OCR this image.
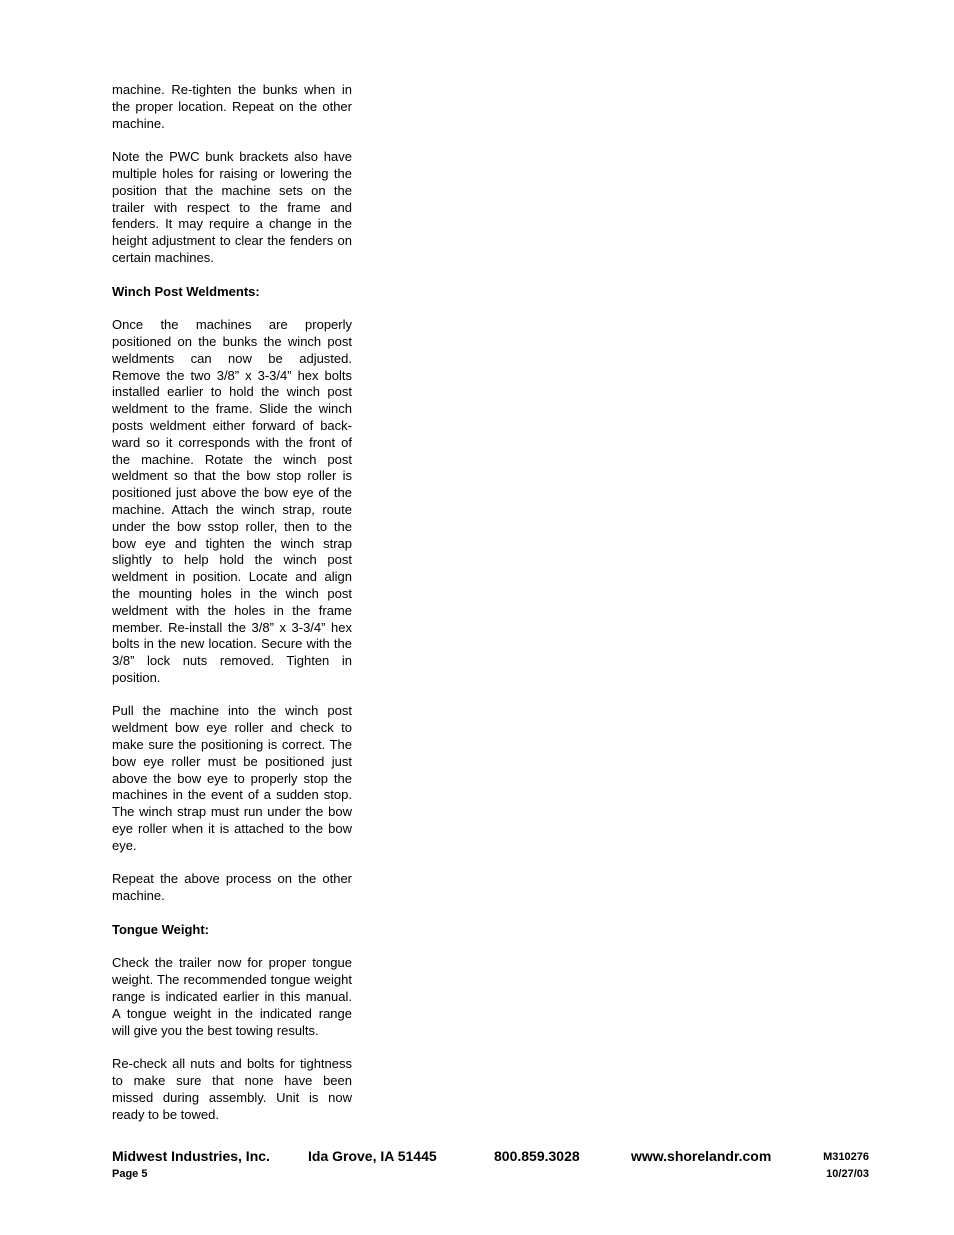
machine. Re-tighten the bunks when in the proper location. Repeat on the other machine.

Note the PWC bunk brackets also have multiple holes for raising or lowering the position that the machine sets on the trailer with respect to the frame and fenders. It may require a change in the height adjustment to clear the fenders on certain machines.

Winch Post Weldments:

Once the machines are properly positioned on the bunks the winch post weldments can now be adjusted. Remove the two 3/8” x 3-3/4” hex bolts installed earlier to hold the winch post weldment to the frame. Slide the winch posts weldment either forward of back-ward so it corresponds with the front of the machine. Rotate the winch post weldment so that the bow stop roller is positioned just above the bow eye of the machine. Attach the winch strap, route under the bow sstop roller, then to the bow eye and tighten the winch strap slightly to help hold the winch post weldment in position. Locate and align the mounting holes in the winch post weldment with the holes in the frame member. Re-install the 3/8” x 3-3/4” hex bolts in the new location. Secure with the 3/8” lock nuts removed. Tighten in position.

Pull the machine into the winch post weldment bow eye roller and check to make sure the positioning is correct. The bow eye roller must be positioned just above the bow eye to properly stop the machines in the event of a sudden stop. The winch strap must run under the bow eye roller when it is attached to the bow eye.

Repeat the above process on the other machine.

Tongue Weight:

Check the trailer now for proper tongue weight. The recommended tongue weight range is indicated earlier in this manual. A tongue weight in the indicated range will give you the best towing results.

Re-check all nuts and bolts for tightness to make sure that none have been missed during assembly. Unit is now ready to be towed.

Midwest Industries, Inc.	Ida Grove, IA 51445	800.859.3028	www.shorelandr.com	M310276
Page 5	10/27/03
